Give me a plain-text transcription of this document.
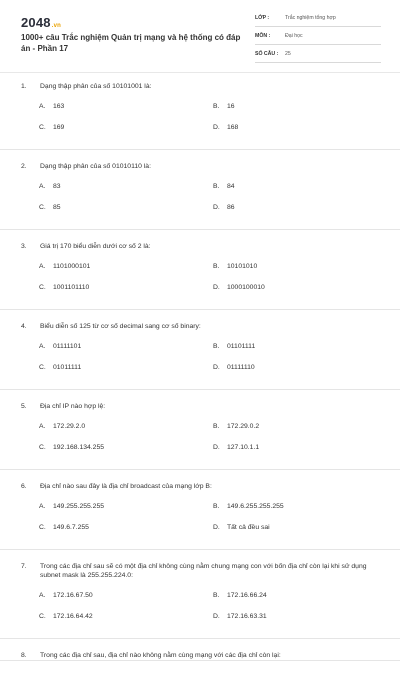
2048.vn
1000+ câu Trắc nghiệm Quản trị mạng và hệ thống có đáp án - Phần 17
LỚP :	Trắc nghiệm tổng hợp
MÔN :	Đại học
SỐ CÂU : 25
1. Dạng thập phân của số 10101001 là:
A. 163	B. 16
C. 169	D. 168
2. Dạng thập phân của số 01010110 là:
A. 83	B. 84
C. 85	D. 86
3. Giá trị 170 biểu diễn dưới cơ số 2 là:
A. 1101000101	B. 10101010
C. 1001101110	D. 1000100010
4. Biểu diễn số 125 từ cơ số decimal sang cơ số binary:
A. 01111101	B. 01101111
C. 01011111	D. 01111110
5. Địa chỉ IP nào hợp lệ:
A. 172.29.2.0	B. 172.29.0.2
C. 192.168.134.255	D. 127.10.1.1
6. Địa chỉ nào sau đây là địa chỉ broadcast của mạng lớp B:
A. 149.255.255.255	B. 149.6.255.255.255
C. 149.6.7.255	D. Tất cả đều sai
7. Trong các địa chỉ sau sẽ có một địa chỉ không cùng nằm chung mạng con với bốn địa chỉ còn lại khi sử dụng subnet mask là 255.255.224.0:
A. 172.16.67.50	B. 172.16.66.24
C. 172.16.64.42	D. 172.16.63.31
8. Trong các địa chỉ sau, địa chỉ nào không nằm cùng mạng với các địa chỉ còn lại:
